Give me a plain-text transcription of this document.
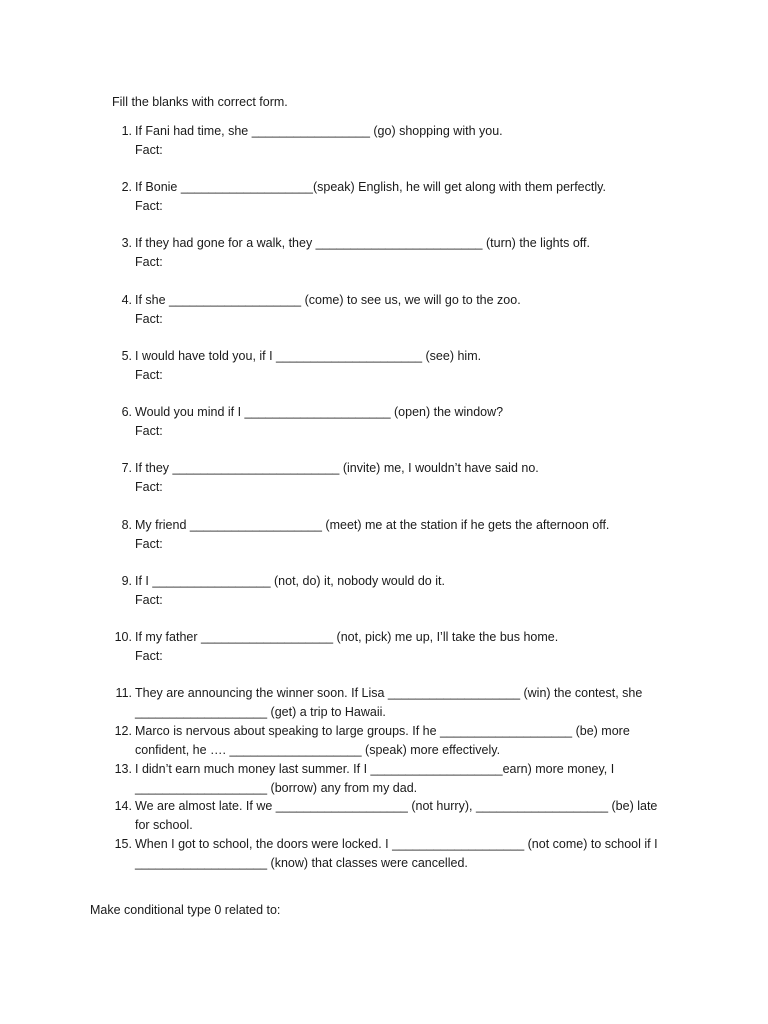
Fill the blanks with correct form.
1. If Fani had time, she _________________ (go) shopping with you.
Fact:
2. If Bonie ___________________(speak) English, he will get along with them perfectly.
Fact:
3. If they had gone for a walk, they ________________________ (turn) the lights off.
Fact:
4. If she ___________________ (come) to see us, we will go to the zoo.
Fact:
5. I would have told you, if I _____________________ (see) him.
Fact:
6. Would you mind if I _____________________ (open) the window?
Fact:
7. If they ________________________ (invite) me, I wouldn’t have said no.
Fact:
8. My friend ___________________ (meet) me at the station if he gets the afternoon off.
Fact:
9. If I _________________ (not, do) it, nobody would do it.
Fact:
10. If my father ___________________ (not, pick) me up, I’ll take the bus home.
Fact:
11. They are announcing the winner soon. If Lisa ___________________ (win) the contest, she ___________________ (get) a trip to Hawaii.
12. Marco is nervous about speaking to large groups. If he ___________________ (be) more confident, he …. ___________________ (speak) more effectively.
13. I didn’t earn much money last summer. If I ___________________earn) more money, I ___________________ (borrow) any from my dad.
14. We are almost late. If we ___________________ (not hurry), ___________________ (be) late for school.
15. When I got to school, the doors were locked. I ___________________ (not come) to school if I ___________________ (know) that classes were cancelled.
Make conditional type 0 related to:
